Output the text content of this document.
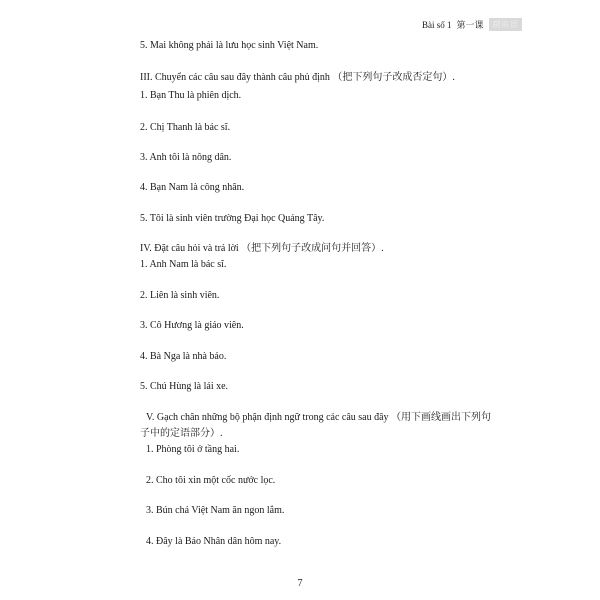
Bài số 1 第一课	越南语
5. Mai không phải là lưu học sinh Việt Nam.
III. Chuyển các câu sau đây thành câu phủ định （把下列句子改成否定句）.
1. Bạn Thu là phiên dịch.
2. Chị Thanh là bác sĩ.
3. Anh tôi là nông dân.
4. Bạn Nam là công nhân.
5. Tôi là sinh viên trường Đại học Quảng Tây.
IV. Đặt câu hỏi và trả lời （把下列句子改成问句并回答）.
1. Anh Nam là bác sĩ.
2. Liên là sinh viên.
3. Cô Hương là giáo viên.
4. Bà Nga là nhà báo.
5. Chú Hùng là lái xe.
V. Gạch chân những bộ phận định ngữ trong các câu sau đây （用下画线画出下列句
子中的定语部分）.
1. Phòng tôi ở tầng hai.
2. Cho tôi xin một cốc nước lọc.
3. Bún chả Việt Nam ăn ngon lắm.
4. Đây là Báo Nhân dân hôm nay.
7
